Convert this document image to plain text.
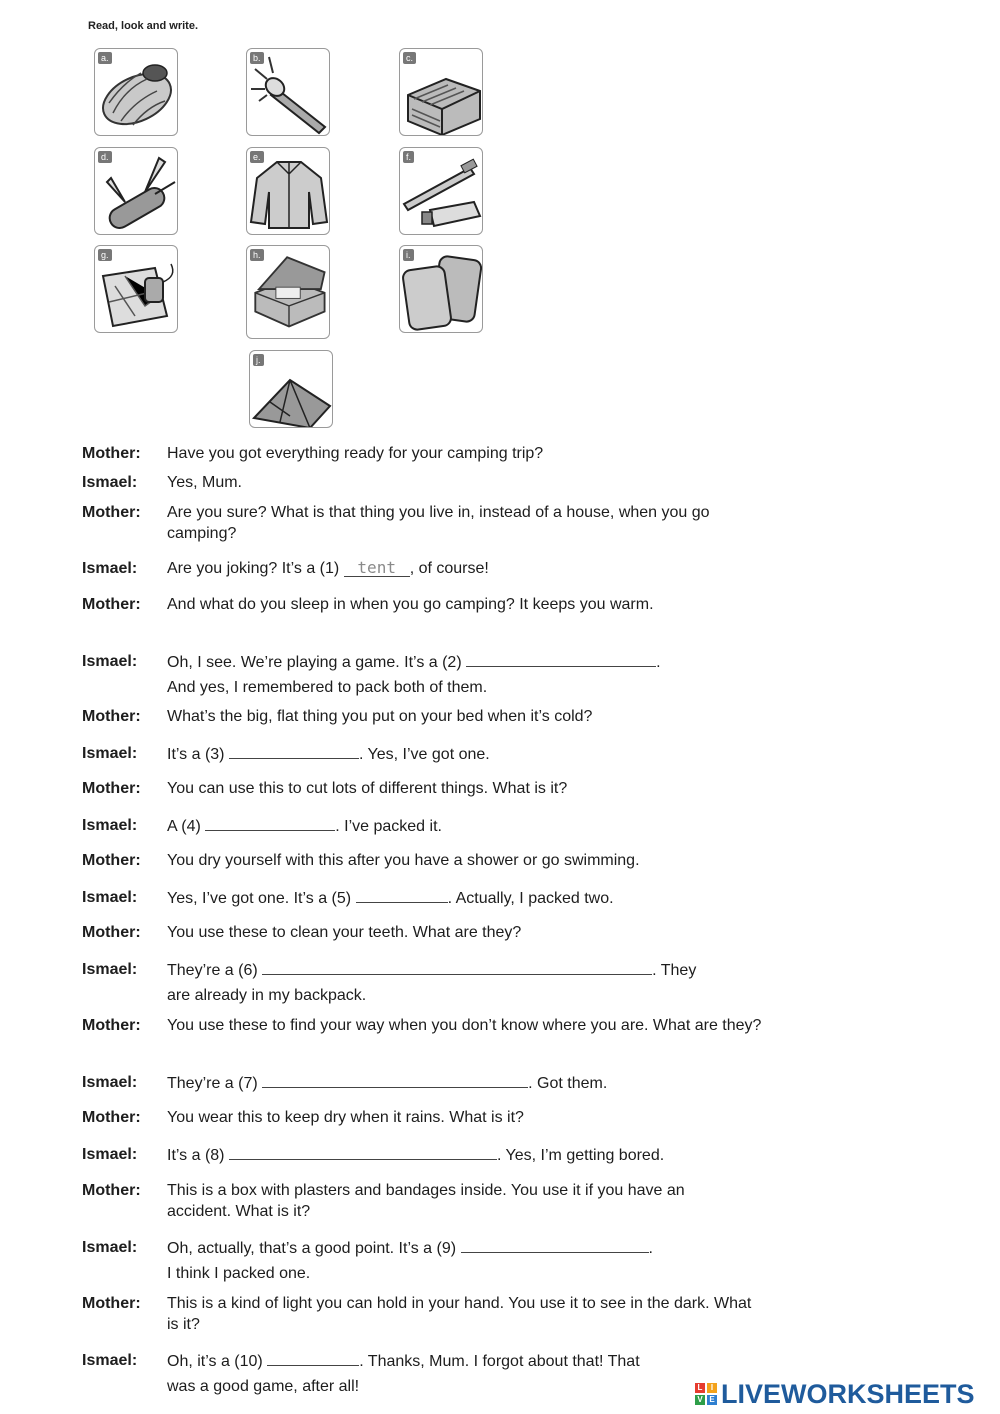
Read, look and write.
a.	b.	c.
d.	e.	f.
g.	h.	i.
j.
Mother:	Have you got everything ready for your camping trip?
Ismael:	Yes, Mum.
Mother:	Are you sure? What is that thing you live in, instead of a house, when you go camping?
Ismael:	Are you joking? It’s a (1) tent , of course!
Mother:	And what do you sleep in when you go camping? It keeps you warm.
Ismael:	Oh, I see. We’re playing a game. It’s a (2)	.
And yes, I remembered to pack both of them.
Mother:	What’s the big, flat thing you put on your bed when it’s cold?
Ismael:	It’s a (3)	. Yes, I’ve got one.
Mother:	You can use this to cut lots of different things. What is it?
Ismael:	A (4)	. I’ve packed it.
Mother:	You dry yourself with this after you have a shower or go swimming.
Ismael:	Yes, I’ve got one. It’s a (5)	. Actually, I packed two.
Mother:	You use these to clean your teeth. What are they?
Ismael:	They’re a (6)	. They
are already in my backpack.
Mother:	You use these to find your way when you don’t know where you are. What are they?
Ismael:	They’re a (7)	. Got them.
Mother:	You wear this to keep dry when it rains. What is it?
Ismael:	It’s a (8)	. Yes, I’m getting bored.
Mother:	This is a box with plasters and bandages inside. You use it if you have an accident. What is it?
Ismael:	Oh, actually, that’s a good point. It’s a (9)	.
I think I packed one.
Mother:	This is a kind of light you can hold in your hand. You use it to see in the dark. What is it?
Ismael:	Oh, it’s a (10)	. Thanks, Mum. I forgot about that! That
was a good game, after all!	L	I
V E LIVEWORKSHEETS
